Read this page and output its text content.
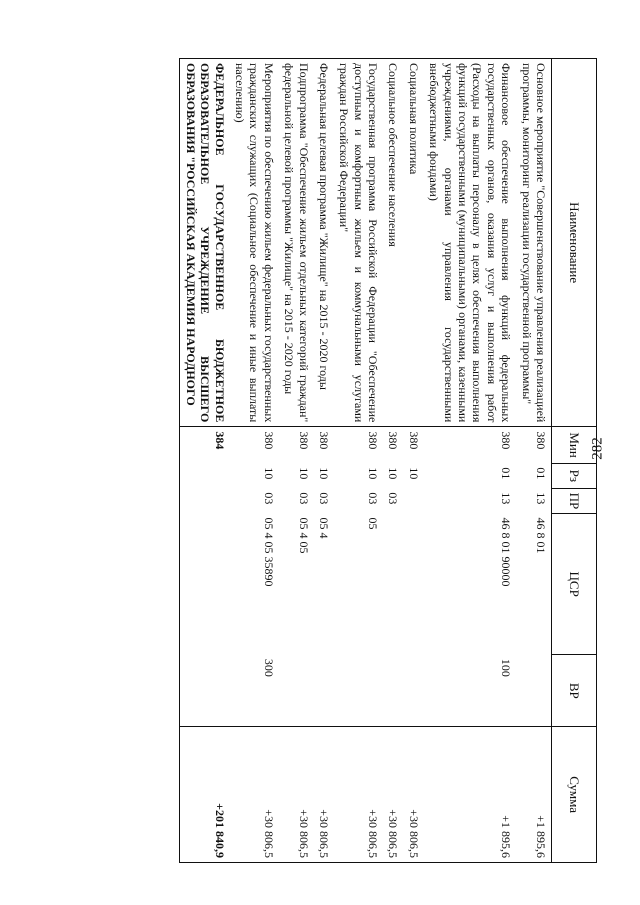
282
Наименование	Мин	Рз	ПР	ЦСР	ВР	Сумма
Основное мероприятие "Совершенствование управления реализацией программы, мониторинг реализации государственной программы"	380	01	13	46 8 01		+1 895,6
Финансовое обеспечение выполнения функций федеральных государственных органов, оказания услуг и выполнения работ (Расходы на выплаты персоналу в целях обеспечения выполнения функций государственными (муниципальными) органами, казенными учреждениями, органами управления государственными внебюджетными фондами)	380	01	13	46 8 01 90000	100	+1 895,6
Социальная политика	380	10				+30 806,5
Социальное обеспечение населения	380	10	03			+30 806,5
Государственная программа Российской Федерации "Обеспечение доступным и комфортным жильем и коммунальными услугами граждан Российской Федерации"	380	10	03	05		+30 806,5
Федеральная целевая программа "Жилище" на 2015 - 2020 годы	380	10	03	05 4		+30 806,5
Подпрограмма "Обеспечение жильем отдельных категорий граждан" федеральной целевой программы "Жилище" на 2015 - 2020 годы	380	10	03	05 4 05		+30 806,5
Мероприятия по обеспечению жильем федеральных государственных гражданских служащих (Социальное обеспечение и иные выплаты населению)	380	10	03	05 4 05 35890	300	+30 806,5
ФЕДЕРАЛЬНОЕ ГОСУДАРСТВЕННОЕ БЮДЖЕТНОЕ ОБРАЗОВАТЕЛЬНОЕ УЧРЕЖДЕНИЕ ВЫСШЕГО ОБРАЗОВАНИЯ "РОССИЙСКАЯ АКАДЕМИЯ НАРОДНОГО	384					+201 840,9
